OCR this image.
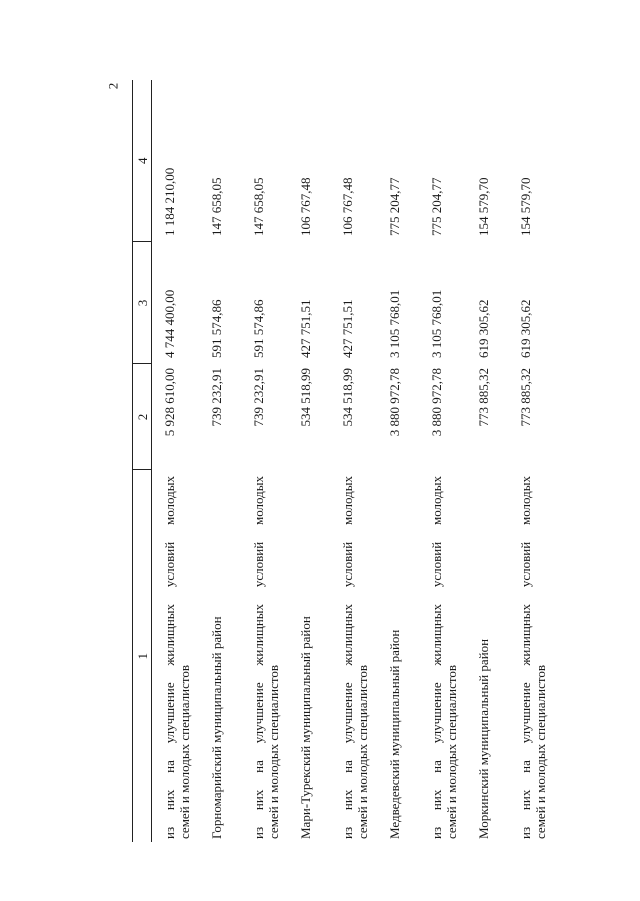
2
1	2	3	4

из них на улучшение жилищных условий молодых семей и молодых специалистов	5 928 610,00	4 744 400,00	1 184 210,00

Горномарийский муниципальный район	739 232,91	591 574,86	147 658,05

из них на улучшение жилищных условий молодых семей и молодых специалистов	739 232,91	591 574,86	147 658,05

Мари-Турекский муниципальный район	534 518,99	427 751,51	106 767,48

из них на улучшение жилищных условий молодых семей и молодых специалистов	534 518,99	427 751,51	106 767,48

Медведевский муниципальный район	3 880 972,78	3 105 768,01	775 204,77

из них на улучшение жилищных условий молодых семей и молодых специалистов	3 880 972,78	3 105 768,01	775 204,77

Моркинский муниципальный район	773 885,32	619 305,62	154 579,70

из них на улучшение жилищных условий молодых семей и молодых специалистов	773 885,32	619 305,62	154 579,70
